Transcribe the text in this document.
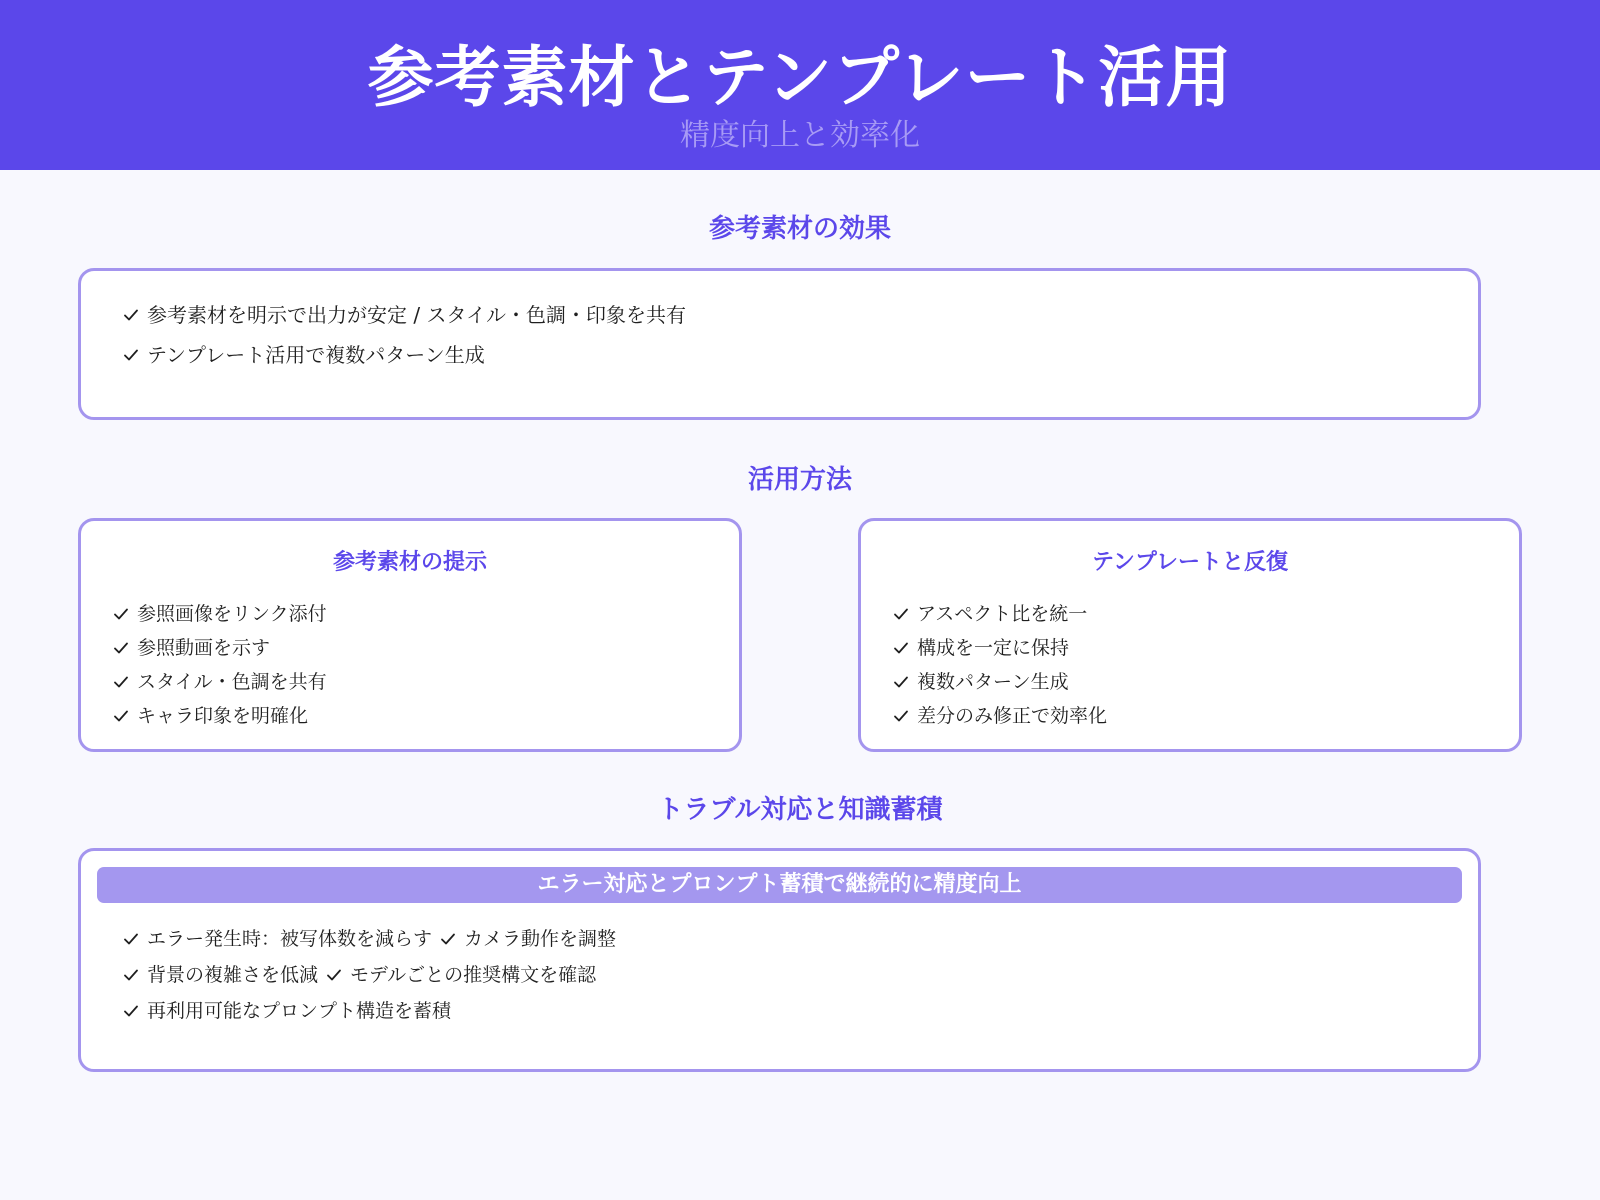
参考素材とテンプレート活用
精度向上と効率化
参考素材の効果
参考素材を明示で出力が安定 / スタイル・色調・印象を共有
テンプレート活用で複数パターン生成
活用方法
参考素材の提示
参照画像をリンク添付
参照動画を示す
スタイル・色調を共有
キャラ印象を明確化
テンプレートと反復
アスペクト比を統一
構成を一定に保持
複数パターン生成
差分のみ修正で効率化
トラブル対応と知識蓄積
エラー対応とプロンプト蓄積で継続的に精度向上
エラー発生時：被写体数を減らす カメラ動作を調整
背景の複雑さを低減 モデルごとの推奨構文を確認
再利用可能なプロンプト構造を蓄積
